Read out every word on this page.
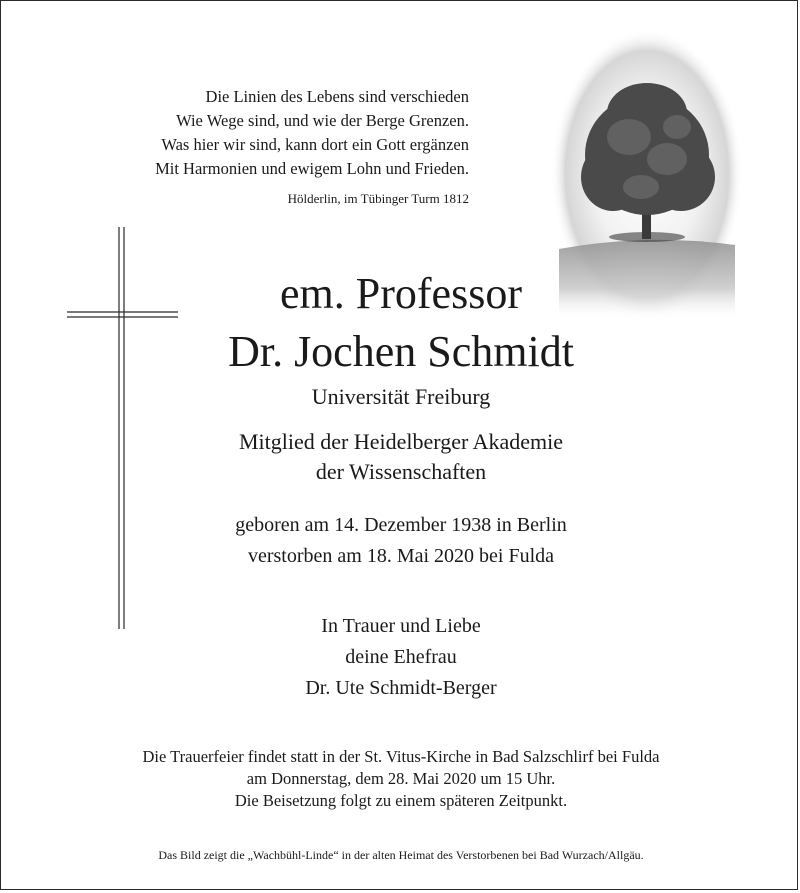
Die Linien des Lebens sind verschieden
Wie Wege sind, und wie der Berge Grenzen.
Was hier wir sind, kann dort ein Gott ergänzen
Mit Harmonien und ewigem Lohn und Frieden.
Hölderlin, im Tübinger Turm 1812
em. Professor
Dr. Jochen Schmidt
Universität Freiburg
Mitglied der Heidelberger Akademie
der Wissenschaften
geboren am 14. Dezember 1938 in Berlin
verstorben am 18. Mai 2020 bei Fulda
In Trauer und Liebe
deine Ehefrau
Dr. Ute Schmidt-Berger
Die Trauerfeier findet statt in der St. Vitus-Kirche in Bad Salzschlirf bei Fulda
am Donnerstag, dem 28. Mai 2020 um 15 Uhr.
Die Beisetzung folgt zu einem späteren Zeitpunkt.
Das Bild zeigt die „Wachbühl-Linde“ in der alten Heimat des Verstorbenen bei Bad Wurzach/Allgäu.
